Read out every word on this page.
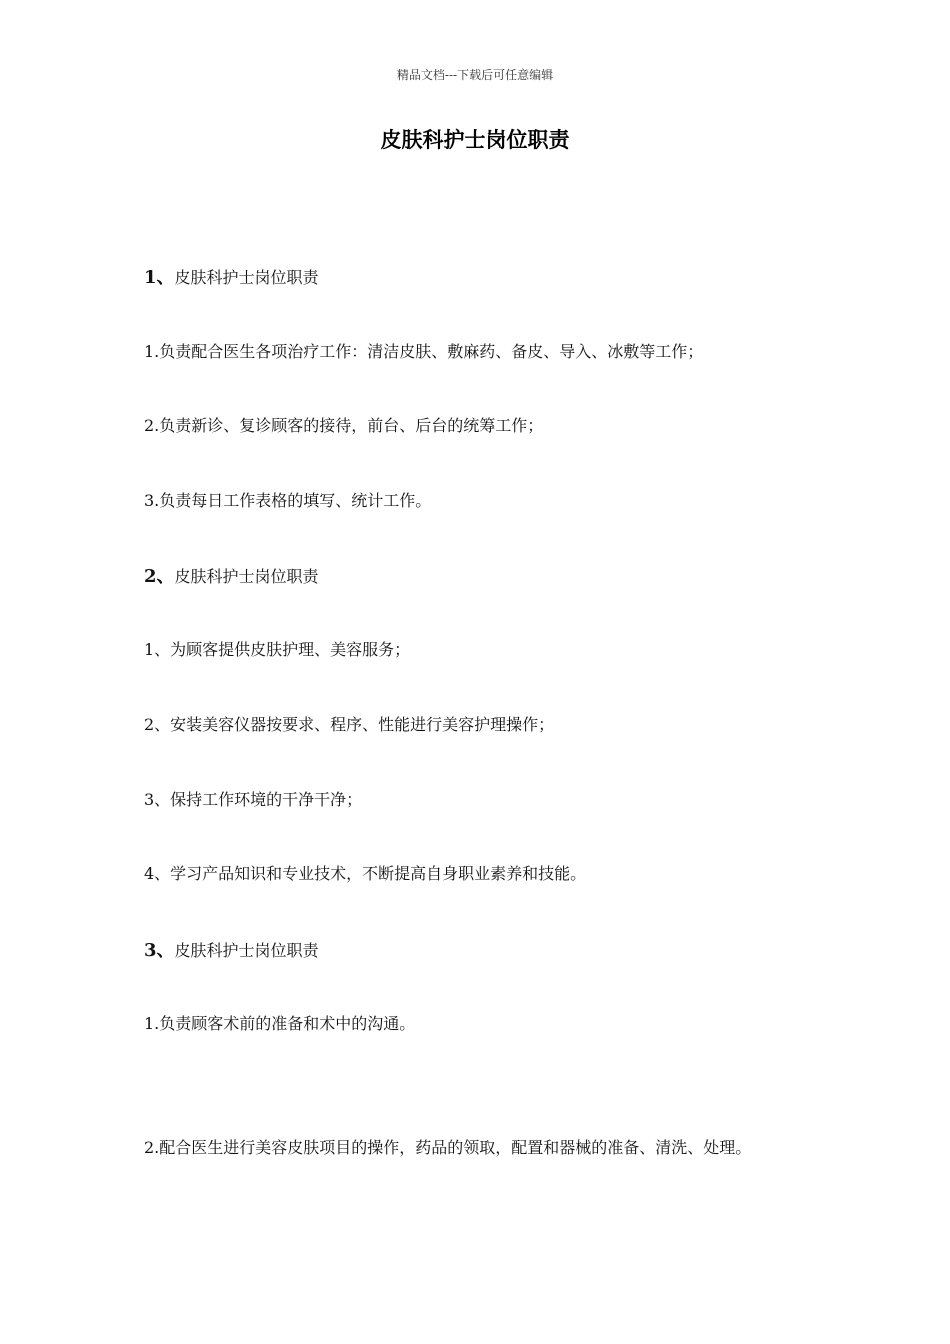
精品文档---下载后可任意编辑
皮肤科护士岗位职责
1、皮肤科护士岗位职责
1.负责配合医生各项治疗工作：清洁皮肤、敷麻药、备皮、导入、冰敷等工作；
2.负责新诊、复诊顾客的接待，前台、后台的统筹工作；
3.负责每日工作表格的填写、统计工作。
2、皮肤科护士岗位职责
1、为顾客提供皮肤护理、美容服务；
2、安装美容仪器按要求、程序、性能进行美容护理操作；
3、保持工作环境的干净干净；
4、学习产品知识和专业技术，不断提高自身职业素养和技能。
3、皮肤科护士岗位职责
1.负责顾客术前的准备和术中的沟通。
2.配合医生进行美容皮肤项目的操作，药品的领取，配置和器械的准备、清洗、处理。
